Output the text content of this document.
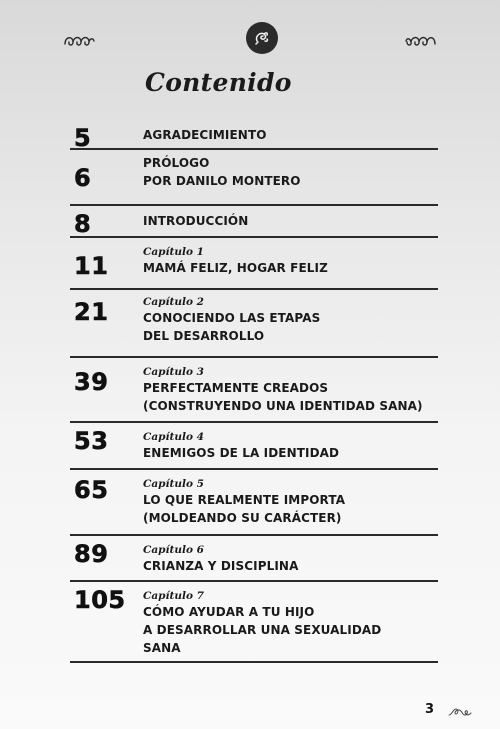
Contenido
5	AGRADECIMIENTO
6
PRÓLOGO
POR DANILO MONTERO
8	INTRODUCCIÓN
11	Capítulo 1
MAMÁ FELIZ, HOGAR FELIZ
21	Capítulo 2
CONOCIENDO LAS ETAPAS
DEL DESARROLLO
39	Capítulo 3
PERFECTAMENTE CREADOS
(CONSTRUYENDO UNA IDENTIDAD SANA)
53	Capítulo 4
ENEMIGOS DE LA IDENTIDAD
65	Capítulo 5
LO QUE REALMENTE IMPORTA
(MOLDEANDO SU CARÁCTER)
89	Capítulo 6
CRIANZA Y DISCIPLINA
105 Capítulo 7
CÓMO AYUDAR A TU HIJO
A DESARROLLAR UNA SEXUALIDAD
SANA
3
